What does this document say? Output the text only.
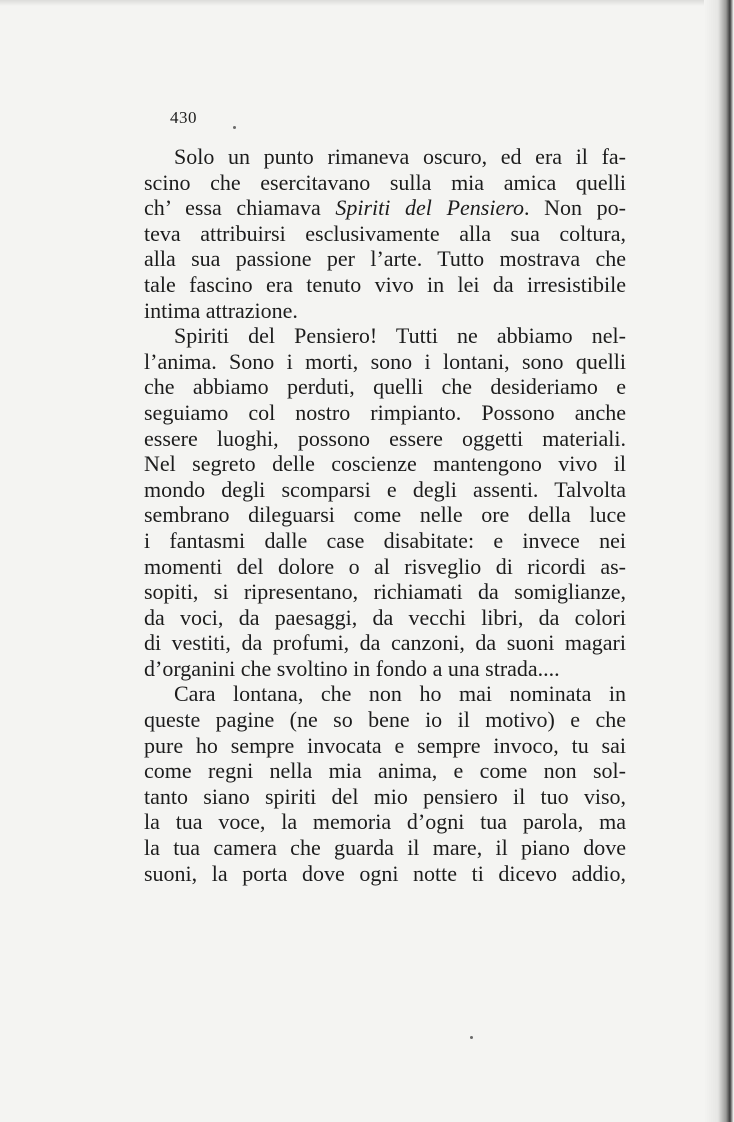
430
Solo un punto rimaneva oscuro, ed era il fa-
scino che esercitavano sulla mia amica quelli
ch’ essa chiamava Spiriti del Pensiero. Non po-
teva attribuirsi esclusivamente alla sua coltura,
alla sua passione per l’arte. Tutto mostrava che
tale fascino era tenuto vivo in lei da irresistibile
intima attrazione.
Spiriti del Pensiero! Tutti ne abbiamo nel-
l’anima. Sono i morti, sono i lontani, sono quelli
che abbiamo perduti, quelli che desideriamo e
seguiamo col nostro rimpianto. Possono anche
essere luoghi, possono essere oggetti materiali.
Nel segreto delle coscienze mantengono vivo il
mondo degli scomparsi e degli assenti. Talvolta
sembrano dileguarsi come nelle ore della luce
i fantasmi dalle case disabitate: e invece nei
momenti del dolore o al risveglio di ricordi as-
sopiti, si ripresentano, richiamati da somiglianze,
da voci, da paesaggi, da vecchi libri, da colori
di vestiti, da profumi, da canzoni, da suoni magari
d’organini che svoltino in fondo a una strada....
Cara lontana, che non ho mai nominata in
queste pagine (ne so bene io il motivo) e che
pure ho sempre invocata e sempre invoco, tu sai
come regni nella mia anima, e come non sol-
tanto siano spiriti del mio pensiero il tuo viso,
la tua voce, la memoria d’ogni tua parola, ma
la tua camera che guarda il mare, il piano dove
suoni, la porta dove ogni notte ti dicevo addio,
